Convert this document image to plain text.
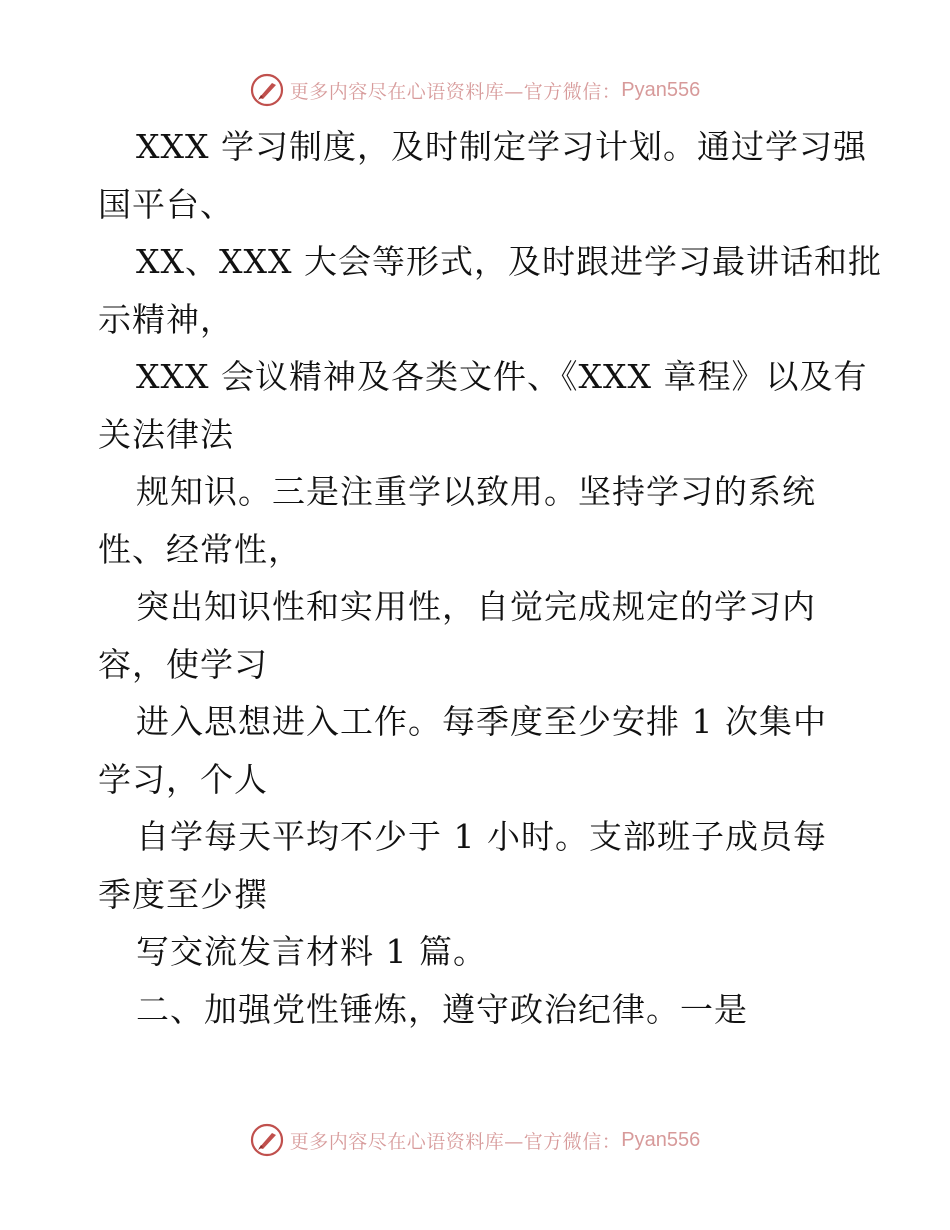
更多内容尽在心语资料库—官方微信： Pyan556
XXX 学习制度，及时制定学习计划。通过学习强
国平台、
XX、XXX 大会等形式，及时跟进学习最讲话和批
示精神，
XXX 会议精神及各类文件、《XXX 章程》以及有
关法律法
规知识。三是注重学以致用。坚持学习的系统
性、经常性，
突出知识性和实用性，自觉完成规定的学习内
容，使学习
进入思想进入工作。每季度至少安排 1 次集中
学习，个人
自学每天平均不少于 1 小时。支部班子成员每
季度至少撰
写交流发言材料 1 篇。
二、加强党性锤炼，遵守政治纪律。一是
更多内容尽在心语资料库—官方微信： Pyan556
